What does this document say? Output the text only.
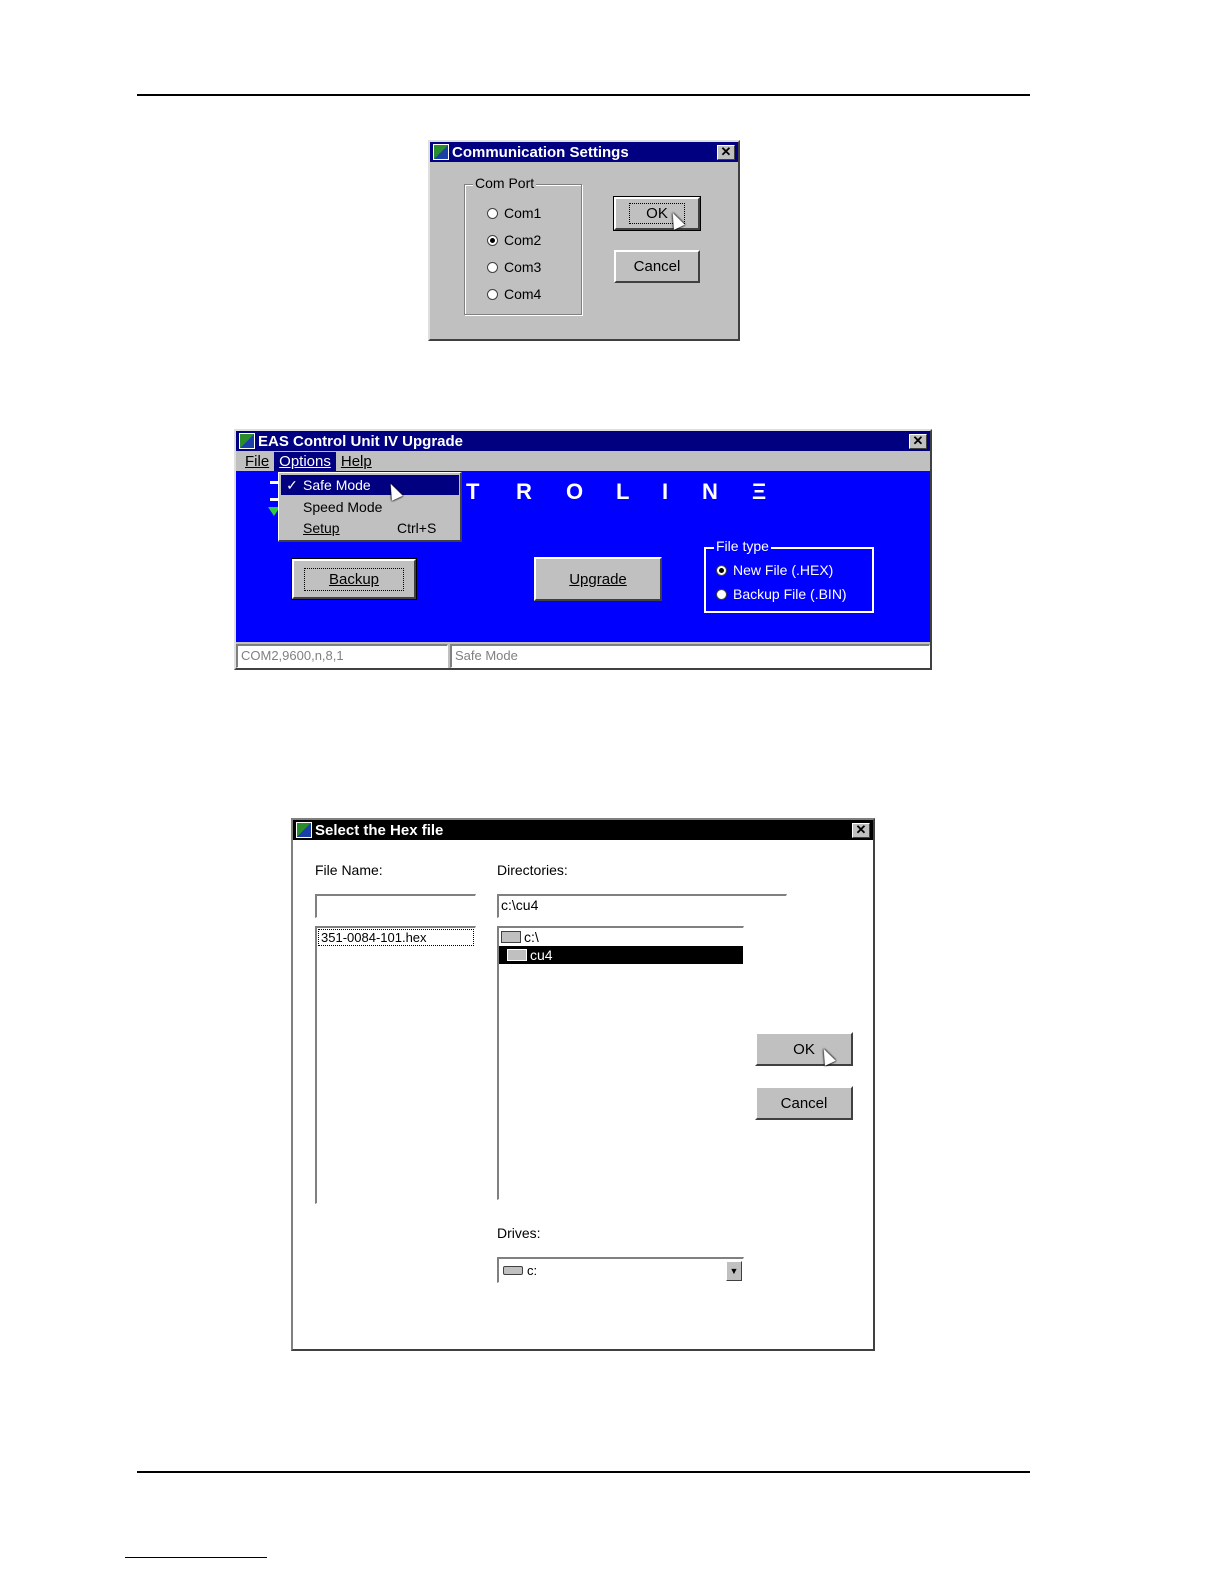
Communication Settings	✕
Com Port
Com1
Com2
Com3
Com4
OK
Cancel
EAS Control Unit IV Upgrade	✕
File Options Help
T	R	O	L	I	N	Ξ
Backup	Upgrade
File type
New File (.HEX)
Backup File (.BIN)
✓ Safe Mode
Speed Mode
Setup	Ctrl+S
COM2,9600,n,8,1	Safe Mode
Select the Hex file	✕
File Name:
351-0084-101.hex
Directories:
c:\cu4
c:\
cu4
OK
Cancel
Drives:
c:	▼
